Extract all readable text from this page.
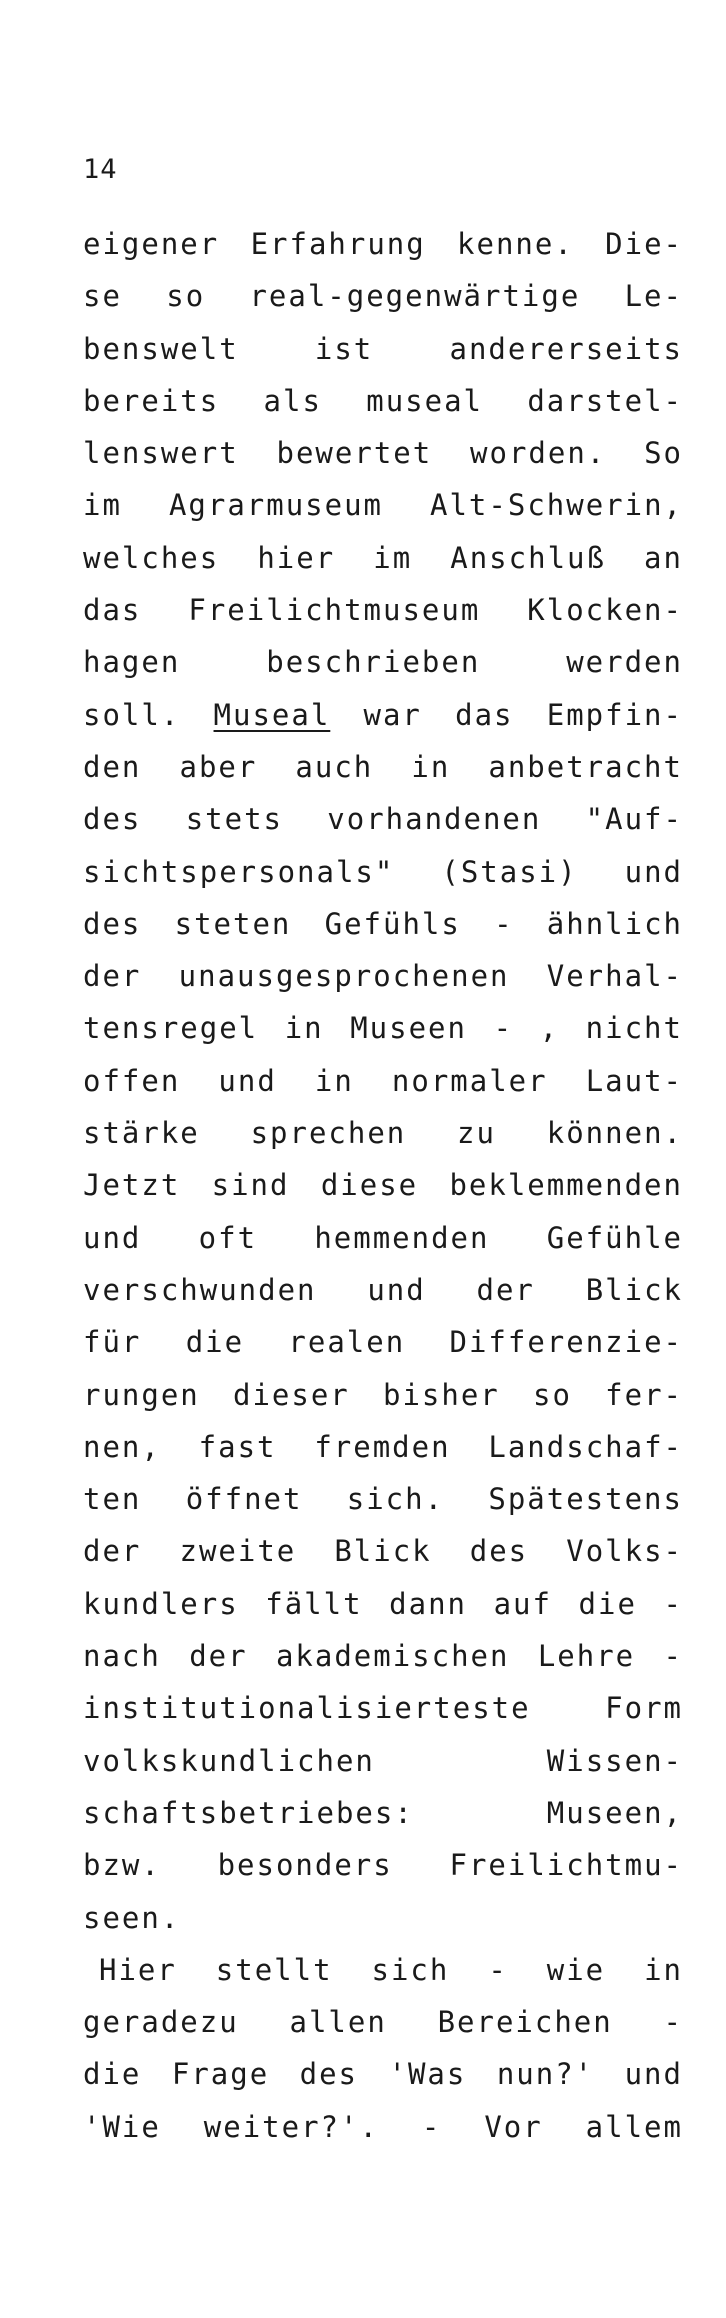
14
eigener Erfahrung kenne. Die-
se so real-gegenwärtige Le-
benswelt	ist	andererseits
bereits als museal darstel-
lenswert bewertet worden. So
im Agrarmuseum Alt-Schwerin,
welches hier im Anschluß an
das Freilichtmuseum Klocken-
hagen	beschrieben	werden
soll. Museal war das Empfin-
den aber auch in anbetracht
des stets vorhandenen "Auf-
sichtspersonals" (Stasi) und
des steten Gefühls - ähnlich
der unausgesprochenen Verhal-
tensregel in Museen - , nicht
offen und in normaler Laut-
stärke sprechen zu können.
Jetzt sind diese beklemmenden
und oft hemmenden Gefühle
verschwunden und der Blick
für die realen Differenzie-
rungen dieser bisher so fer-
nen, fast fremden Landschaf-
ten öffnet sich. Spätestens
der zweite Blick des Volks-
kundlers fällt dann auf die -
nach der akademischen Lehre -
institutionalisierteste	Form
volkskundlichen	Wissen-
schaftsbetriebes:	Museen,
bzw. besonders Freilichtmu-
seen.
Hier stellt sich - wie in
geradezu allen Bereichen -
die Frage des 'Was nun?' und
'Wie weiter?'. - Vor allem
